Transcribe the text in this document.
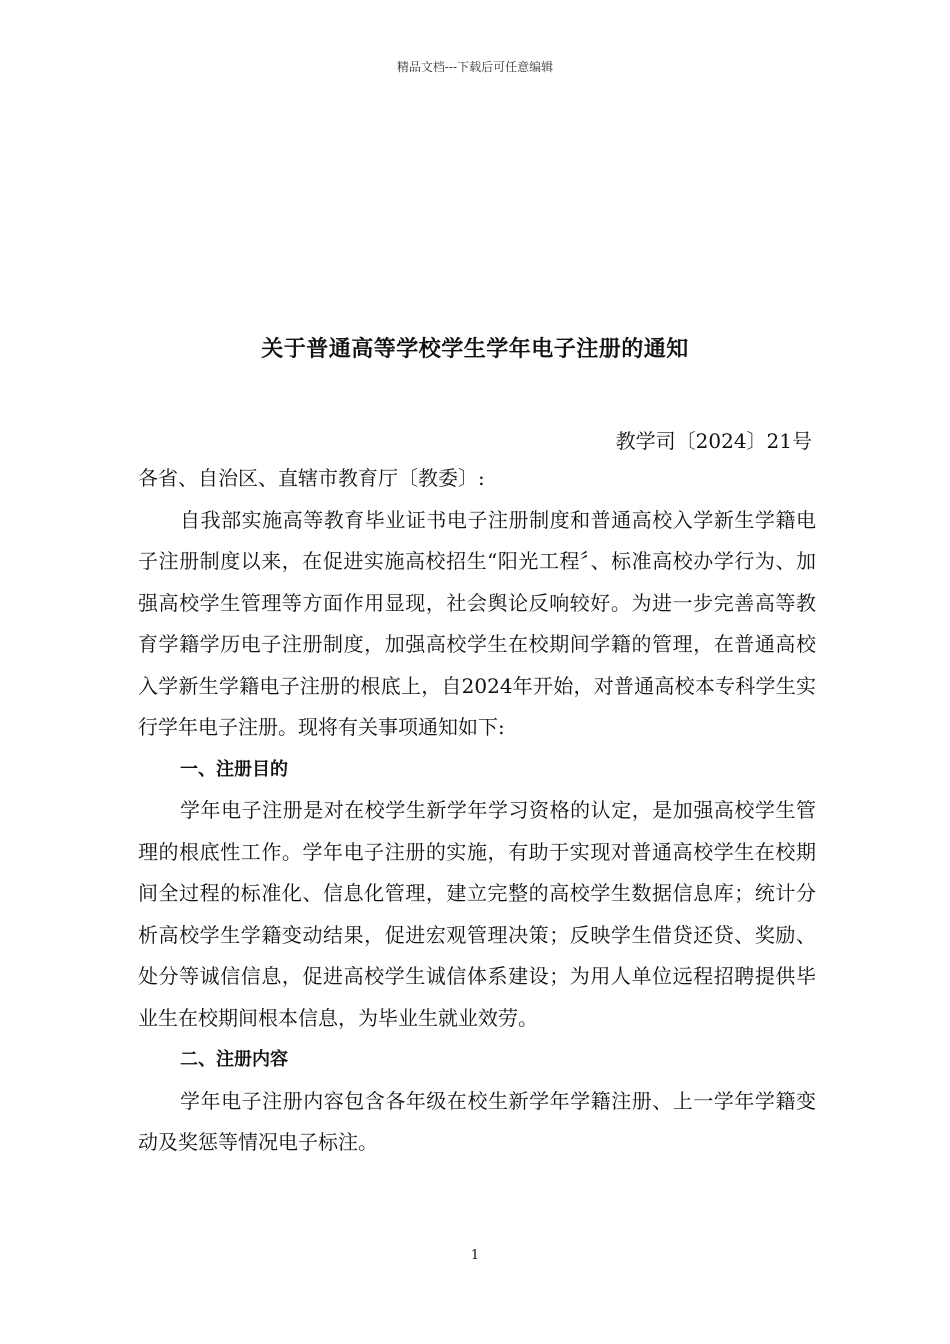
精品文档---下载后可任意编辑
关于普通高等学校学生学年电子注册的通知
教学司〔2024〕21号

各省、自治区、直辖市教育厅〔教委〕:

自我部实施高等教育毕业证书电子注册制度和普通高校入学新生学籍电子注册制度以来，在促进实施高校招生“阳光工程〞、标准高校办学行为、加强高校学生管理等方面作用显现，社会舆论反响较好。为进一步完善高等教育学籍学历电子注册制度，加强高校学生在校期间学籍的管理，在普通高校入学新生学籍电子注册的根底上，自2024年开始，对普通高校本专科学生实行学年电子注册。现将有关事项通知如下:

一、注册目的

学年电子注册是对在校学生新学年学习资格的认定，是加强高校学生管理的根底性工作。学年电子注册的实施，有助于实现对普通高校学生在校期间全过程的标准化、信息化管理，建立完整的高校学生数据信息库；统计分析高校学生学籍变动结果，促进宏观管理决策；反映学生借贷还贷、奖励、处分等诚信信息，促进高校学生诚信体系建设；为用人单位远程招聘提供毕业生在校期间根本信息，为毕业生就业效劳。

二、注册内容

学年电子注册内容包含各年级在校生新学年学籍注册、上一学年学籍变动及奖惩等情况电子标注。

1
